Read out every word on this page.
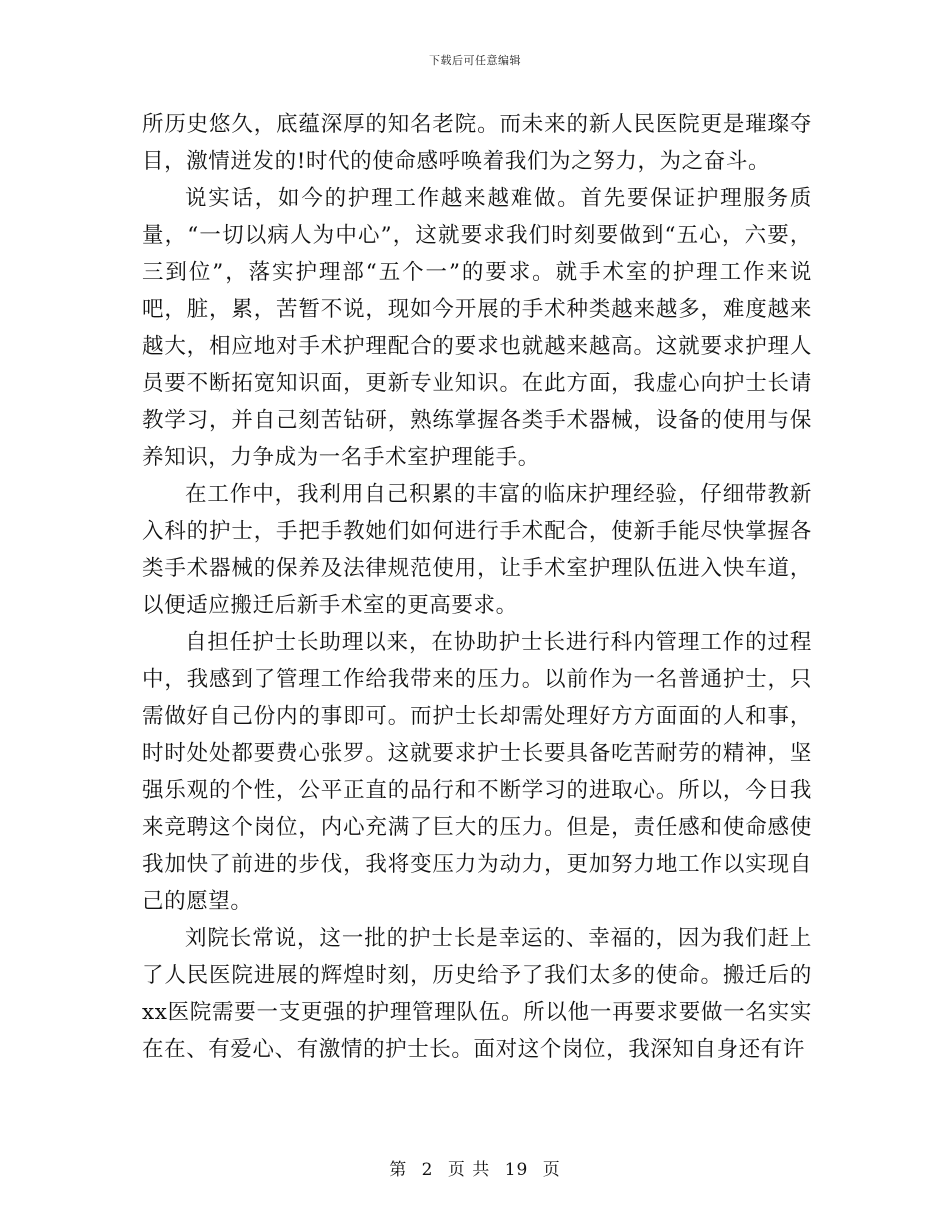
下载后可任意编辑

所历史悠久，底蕴深厚的知名老院。而未来的新人民医院更是璀璨夺目，激情迸发的!时代的使命感呼唤着我们为之努力，为之奋斗。

说实话，如今的护理工作越来越难做。首先要保证护理服务质量，“一切以病人为中心”，这就要求我们时刻要做到“五心，六要，三到位”，落实护理部“五个一”的要求。就手术室的护理工作来说吧，脏，累，苦暂不说，现如今开展的手术种类越来越多，难度越来越大，相应地对手术护理配合的要求也就越来越高。这就要求护理人员要不断拓宽知识面，更新专业知识。在此方面，我虚心向护士长请教学习，并自己刻苦钻研，熟练掌握各类手术器械，设备的使用与保养知识，力争成为一名手术室护理能手。

在工作中，我利用自己积累的丰富的临床护理经验，仔细带教新入科的护士，手把手教她们如何进行手术配合，使新手能尽快掌握各类手术器械的保养及法律规范使用，让手术室护理队伍进入快车道，以便适应搬迁后新手术室的更高要求。

自担任护士长助理以来，在协助护士长进行科内管理工作的过程中，我感到了管理工作给我带来的压力。以前作为一名普通护士，只需做好自己份内的事即可。而护士长却需处理好方方面面的人和事，时时处处都要费心张罗。这就要求护士长要具备吃苦耐劳的精神，坚强乐观的个性，公平正直的品行和不断学习的进取心。所以，今日我来竞聘这个岗位，内心充满了巨大的压力。但是，责任感和使命感使我加快了前进的步伐，我将变压力为动力，更加努力地工作以实现自己的愿望。

刘院长常说，这一批的护士长是幸运的、幸福的，因为我们赶上了人民医院进展的辉煌时刻，历史给予了我们太多的使命。搬迁后的xx医院需要一支更强的护理管理队伍。所以他一再要求要做一名实实在在、有爱心、有激情的护士长。面对这个岗位，我深知自身还有许

第 2 页 共 19 页
